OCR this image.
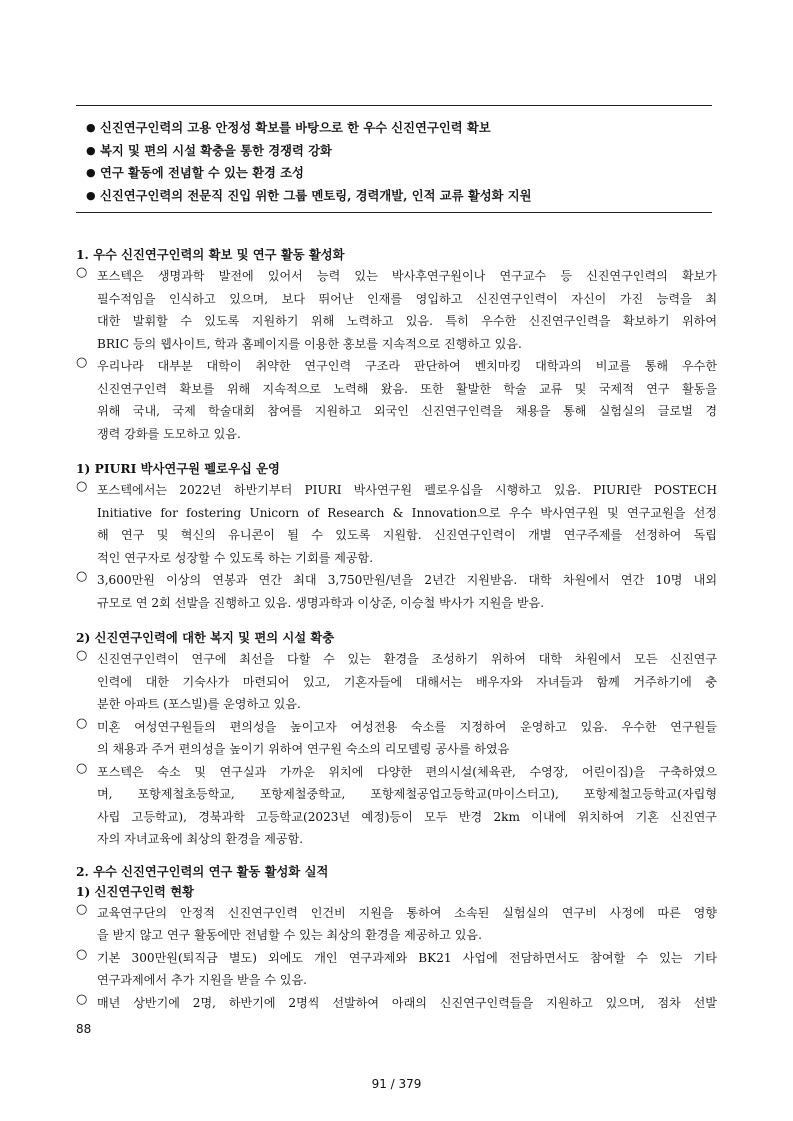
● 신진연구인력의 고용 안정성 확보를 바탕으로 한 우수 신진연구인력 확보
● 복지 및 편의 시설 확충을 통한 경쟁력 강화
● 연구 활동에 전념할 수 있는 환경 조성
● 신진연구인력의 전문직 진입 위한 그룹 멘토링, 경력개발, 인적 교류 활성화 지원
1. 우수 신진연구인력의 확보 및 연구 활동 활성화
○ 포스텍은 생명과학 발전에 있어서 능력 있는 박사후연구원이나 연구교수 등 신진연구인력의 확보가
필수적임을 인식하고 있으며, 보다 뛰어난 인재를 영입하고 신진연구인력이 자신이 가진 능력을 최
대한 발휘할 수 있도록 지원하기 위해 노력하고 있음. 특히 우수한 신진연구인력을 확보하기 위하여
BRIC 등의 웹사이트, 학과 홈페이지를 이용한 홍보를 지속적으로 진행하고 있음.
○ 우리나라 대부분 대학이 취약한 연구인력 구조라 판단하여 벤치마킹 대학과의 비교를 통해 우수한
신진연구인력 확보를 위해 지속적으로 노력해 왔음. 또한 활발한 학술 교류 및 국제적 연구 활동을
위해 국내, 국제 학술대회 참여를 지원하고 외국인 신진연구인력을 채용을 통해 실험실의 글로벌 경
쟁력 강화를 도모하고 있음.
1) PIURI 박사연구원 펠로우십 운영
○ 포스텍에서는 2022년 하반기부터 PIURI 박사연구원 펠로우십을 시행하고 있음. PIURI란 POSTECH
Initiative for fostering Unicorn of Research & Innovation으로 우수 박사연구원 및 연구교원을 선정
해 연구 및 혁신의 유니콘이 될 수 있도록 지원함. 신진연구인력이 개별 연구주제를 선정하여 독립
적인 연구자로 성장할 수 있도록 하는 기회를 제공함.
○ 3,600만원 이상의 연봉과 연간 최대 3,750만원/년을 2년간 지원받음. 대학 차원에서 연간 10명 내외
규모로 연 2회 선발을 진행하고 있음. 생명과학과 이상준, 이승철 박사가 지원을 받음.
2) 신진연구인력에 대한 복지 및 편의 시설 확충
○ 신진연구인력이 연구에 최선을 다할 수 있는 환경을 조성하기 위하여 대학 차원에서 모든 신진연구
인력에 대한 기숙사가 마련되어 있고, 기혼자들에 대해서는 배우자와 자녀들과 함께 거주하기에 충
분한 아파트 (포스빌)를 운영하고 있음.
○ 미혼 여성연구원들의 편의성을 높이고자 여성전용 숙소를 지정하여 운영하고 있음. 우수한 연구원들
의 채용과 주거 편의성을 높이기 위하여 연구원 숙소의 리모델링 공사를 하였음
○ 포스텍은 숙소 및 연구실과 가까운 위치에 다양한 편의시설(체육관, 수영장, 어린이집)을 구축하였으
며, 포항제철초등학교, 포항제철중학교, 포항제철공업고등학교(마이스터고), 포항제철고등학교(자립형
사립 고등학교), 경북과학 고등학교(2023년 예정)등이 모두 반경 2km 이내에 위치하여 기혼 신진연구
자의 자녀교육에 최상의 환경을 제공함.
2. 우수 신진연구인력의 연구 활동 활성화 실적
1) 신진연구인력 현황
○ 교육연구단의 안정적 신진연구인력 인건비 지원을 통하여 소속된 실험실의 연구비 사정에 따른 영향
을 받지 않고 연구 활동에만 전념할 수 있는 최상의 환경을 제공하고 있음.
○ 기본 300만원(퇴직금 별도) 외에도 개인 연구과제와 BK21 사업에 전담하면서도 참여할 수 있는 기타
연구과제에서 추가 지원을 받을 수 있음.
○ 매년 상반기에 2명, 하반기에 2명씩 선발하여 아래의 신진연구인력들을 지원하고 있으며, 점차 선발
88
91 / 379
